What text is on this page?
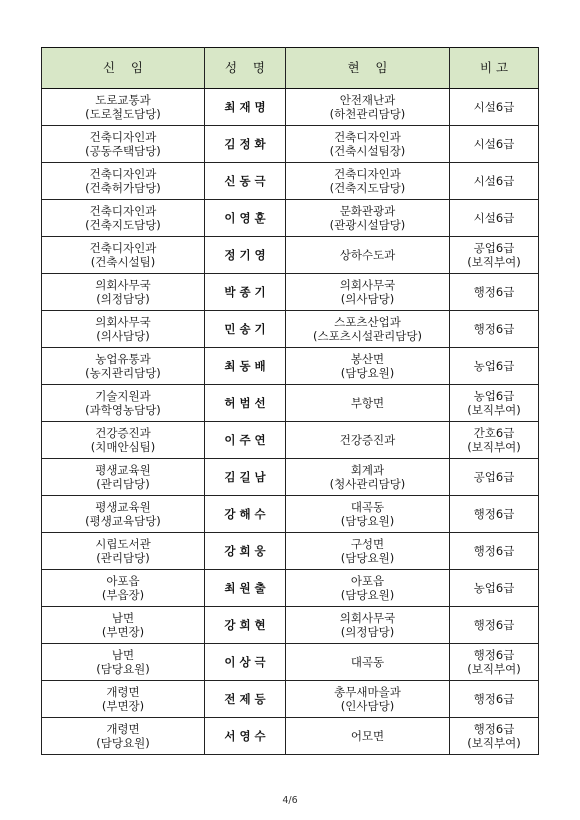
신    임	성    명	현    임	비 고

도로교통과
(도로철도담당)	최 재 명	안전재난과
(하천관리담당)	시설6급

건축디자인과
(공동주택담당)	김 정 화	건축디자인과
(건축시설팀장)	시설6급

건축디자인과
(건축허가담당)	신 동 극	건축디자인과
(건축지도담당)	시설6급

건축디자인과
(건축지도담당)	이 영 훈	문화관광과
(관광시설담당)	시설6급

건축디자인과
(건축시설팀)	정 기 영	상하수도과	공업6급
(보직부여)

의회사무국
(의정담당)	박 종 기	의회사무국
(의사담당)	행정6급

의회사무국
(의사담당)	민 송 기	스포츠산업과
(스포츠시설관리담당)	행정6급

농업유통과
(농지관리담당)	최 동 배	봉산면
(담당요원)	농업6급

기술지원과
(과학영농담당)	허 범 선	부항면	농업6급
(보직부여)

건강증진과
(치매안심팀)	이 주 연	건강증진과	간호6급
(보직부여)

평생교육원
(관리담당)	김 길 남	회계과
(청사관리담당)	공업6급

평생교육원
(평생교육담당)	강 해 수	대곡동
(담당요원)	행정6급

시립도서관
(관리담당)	강 희 웅	구성면
(담당요원)	행정6급

아포읍
(부읍장)	최 원 출	아포읍
(담당요원)	농업6급

남면
(부면장)	강 희 현	의회사무국
(의정담당)	행정6급

남면
(담당요원)	이 상 극	대곡동	행정6급
(보직부여)

개령면
(부면장)	전 제 등	총무새마을과
(인사담당)	행정6급

개령면
(담당요원)	서 영 수	어모면	행정6급
(보직부여)
4/6
